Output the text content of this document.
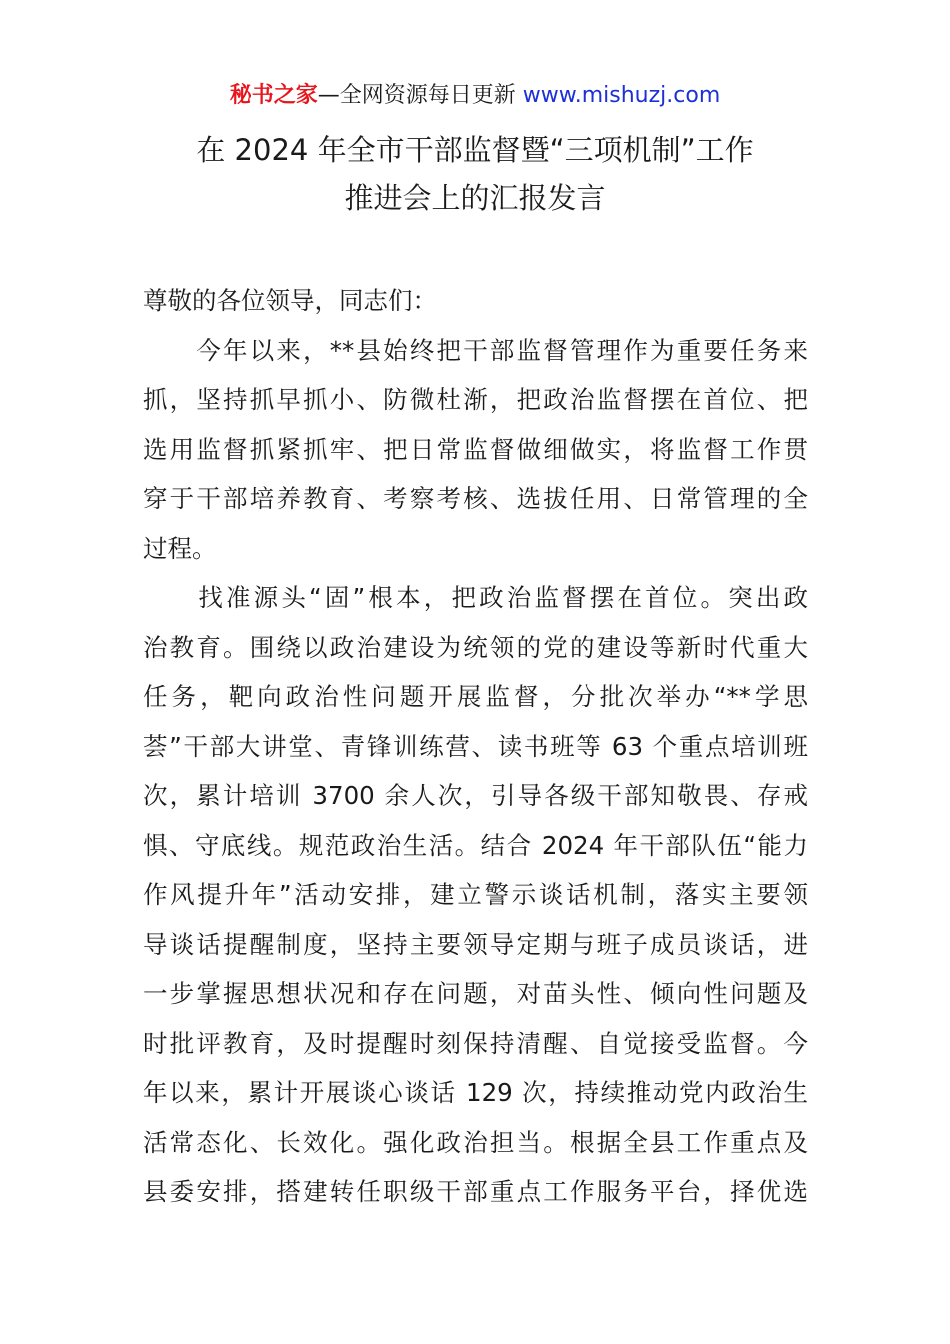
秘书之家—全网资源每日更新 www.mishuzj.com
在 2024 年全市干部监督暨“三项机制”工作
推进会上的汇报发言
尊敬的各位领导，同志们：
　　今年以来，**县始终把干部监督管理作为重要任务来
抓，坚持抓早抓小、防微杜渐，把政治监督摆在首位、把
选用监督抓紧抓牢、把日常监督做细做实，将监督工作贯
穿于干部培养教育、考察考核、选拔任用、日常管理的全
过程。
　　找准源头“固”根本，把政治监督摆在首位。突出政
治教育。围绕以政治建设为统领的党的建设等新时代重大
任务，靶向政治性问题开展监督，分批次举办“**学思
荟”干部大讲堂、青锋训练营、读书班等 63 个重点培训班
次，累计培训 3700 余人次，引导各级干部知敬畏、存戒
惧、守底线。规范政治生活。结合 2024 年干部队伍“能力
作风提升年”活动安排，建立警示谈话机制，落实主要领
导谈话提醒制度，坚持主要领导定期与班子成员谈话，进
一步掌握思想状况和存在问题，对苗头性、倾向性问题及
时批评教育，及时提醒时刻保持清醒、自觉接受监督。今
年以来，累计开展谈心谈话 129 次，持续推动党内政治生
活常态化、长效化。强化政治担当。根据全县工作重点及
县委安排，搭建转任职级干部重点工作服务平台，择优选
